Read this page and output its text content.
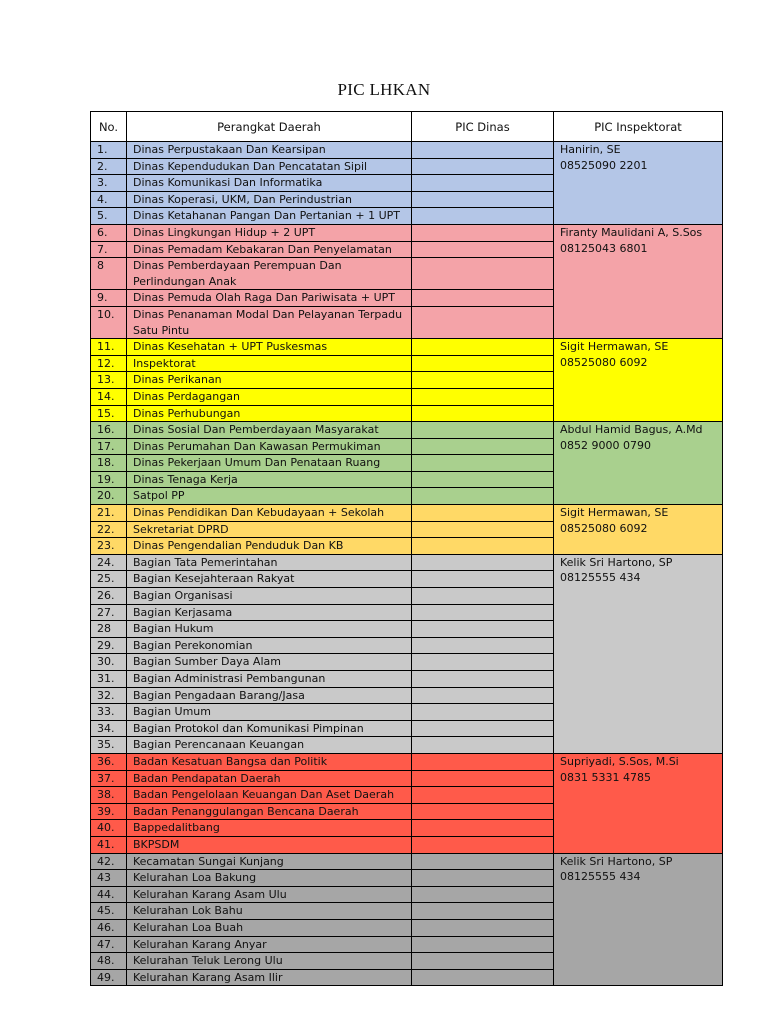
PIC LHKAN
No.	Perangkat Daerah	PIC Dinas	PIC Inspektorat
1.	Dinas Perpustakaan Dan Kearsipan		Hanirin, SE
08525090 2201

2.	Dinas Kependudukan Dan Pencatatan Sipil		
3.	Dinas Komunikasi Dan Informatika		
4.	Dinas Koperasi, UKM, Dan Perindustrian		
5.	Dinas Ketahanan Pangan Dan Pertanian + 1 UPT		
6.	Dinas Lingkungan Hidup + 2 UPT		Firanty Maulidani A, S.Sos
08125043 6801

7.	Dinas Pemadam Kebakaran Dan Penyelamatan		
8	Dinas Pemberdayaan Perempuan Dan Perlindungan Anak		
9.	Dinas Pemuda Olah Raga Dan Pariwisata + UPT		
10.	Dinas Penanaman Modal Dan Pelayanan Terpadu Satu Pintu		
11.	Dinas Kesehatan + UPT Puskesmas		Sigit Hermawan, SE
08525080 6092

12.	Inspektorat		
13.	Dinas Perikanan		
14.	Dinas Perdagangan		
15.	Dinas Perhubungan		
16.	Dinas Sosial Dan Pemberdayaan Masyarakat		Abdul Hamid Bagus, A.Md
0852 9000 0790

17.	Dinas Perumahan Dan Kawasan Permukiman		
18.	Dinas Pekerjaan Umum Dan Penataan Ruang		
19.	Dinas Tenaga Kerja		
20.	Satpol PP		
21.	Dinas Pendidikan Dan Kebudayaan + Sekolah		Sigit Hermawan, SE
08525080 6092

22.	Sekretariat DPRD		
23.	Dinas Pengendalian Penduduk Dan KB		
24.	Bagian Tata Pemerintahan		Kelik Sri Hartono, SP
08125555 434

25.	Bagian Kesejahteraan Rakyat		
26.	Bagian Organisasi		
27.	Bagian Kerjasama		
28	Bagian Hukum		
29.	Bagian Perekonomian		
30.	Bagian Sumber Daya Alam		
31.	Bagian Administrasi Pembangunan		
32.	Bagian Pengadaan Barang/Jasa		
33.	Bagian Umum		
34.	Bagian Protokol dan Komunikasi Pimpinan		
35.	Bagian Perencanaan Keuangan		
36.	Badan Kesatuan Bangsa dan Politik		Supriyadi, S.Sos, M.Si
0831 5331 4785

37.	Badan Pendapatan Daerah		
38.	Badan Pengelolaan Keuangan Dan Aset Daerah		
39.	Badan Penanggulangan Bencana Daerah		
40.	Bappedalitbang		
41.	BKPSDM		
42.	Kecamatan Sungai Kunjang		Kelik Sri Hartono, SP
08125555 434

43	Kelurahan Loa Bakung		
44.	Kelurahan Karang Asam Ulu		
45.	Kelurahan Lok Bahu		
46.	Kelurahan Loa Buah		
47.	Kelurahan Karang Anyar		
48.	Kelurahan Teluk Lerong Ulu		
49.	Kelurahan Karang Asam Ilir		
